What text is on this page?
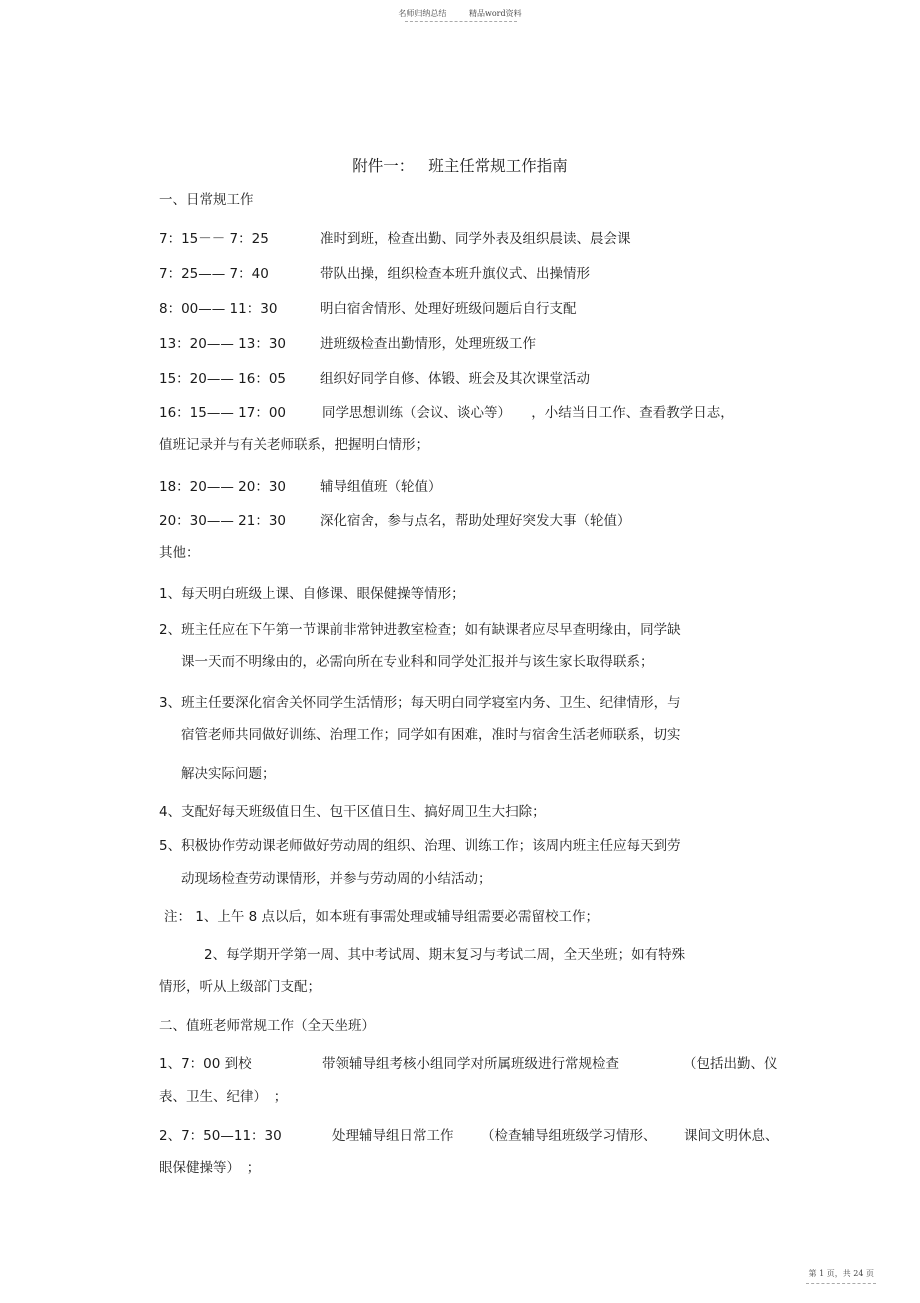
名师归纳总结	精品word资料
附件一： 班主任常规工作指南
一、日常规工作
7：15－－ 7：25	准时到班，检查出勤、同学外表及组织晨读、晨会课
7：25—— 7：40	带队出操，组织检查本班升旗仪式、出操情形
8：00—— 11：30	明白宿舍情形、处理好班级问题后自行支配
13：20—— 13：30	进班级检查出勤情形，处理班级工作
15：20—— 16：05	组织好同学自修、体锻、班会及其次课堂活动
16：15—— 17：00	同学思想训练（会议、谈心等）　　，小结当日工作、查看教学日志，
值班记录并与有关老师联系，把握明白情形；
18：20—— 20：30	辅导组值班（轮值）
20：30—— 21：30	深化宿舍，参与点名，帮助处理好突发大事（轮值）
其他：
1、每天明白班级上课、自修课、眼保健操等情形；
2、班主任应在下午第一节课前非常钟进教室检查；如有缺课者应尽早查明缘由，同学缺
课一天而不明缘由的，必需向所在专业科和同学处汇报并与该生家长取得联系；
3、班主任要深化宿舍关怀同学生活情形；每天明白同学寝室内务、卫生、纪律情形，与
宿管老师共同做好训练、治理工作；同学如有困难，准时与宿舍生活老师联系，切实
解决实际问题；
4、支配好每天班级值日生、包干区值日生、搞好周卫生大扫除；
5、积极协作劳动课老师做好劳动周的组织、治理、训练工作；该周内班主任应每天到劳
动现场检查劳动课情形，并参与劳动周的小结活动；
注： 1、上午 8 点以后，如本班有事需处理或辅导组需要必需留校工作；
2、每学期开学第一周、其中考试周、期末复习与考试二周，全天坐班；如有特殊
情形，听从上级部门支配；
二、值班老师常规工作（全天坐班）
1、7：00 到校	带领辅导组考核小组同学对所属班级进行常规检查	（包括出勤、仪
表、卫生、纪律）　；
2、7：50—11：30	处理辅导组日常工作 （检查辅导组班级学习情形、 课间文明休息、
眼保健操等）　；
第 1 页，共 24 页
